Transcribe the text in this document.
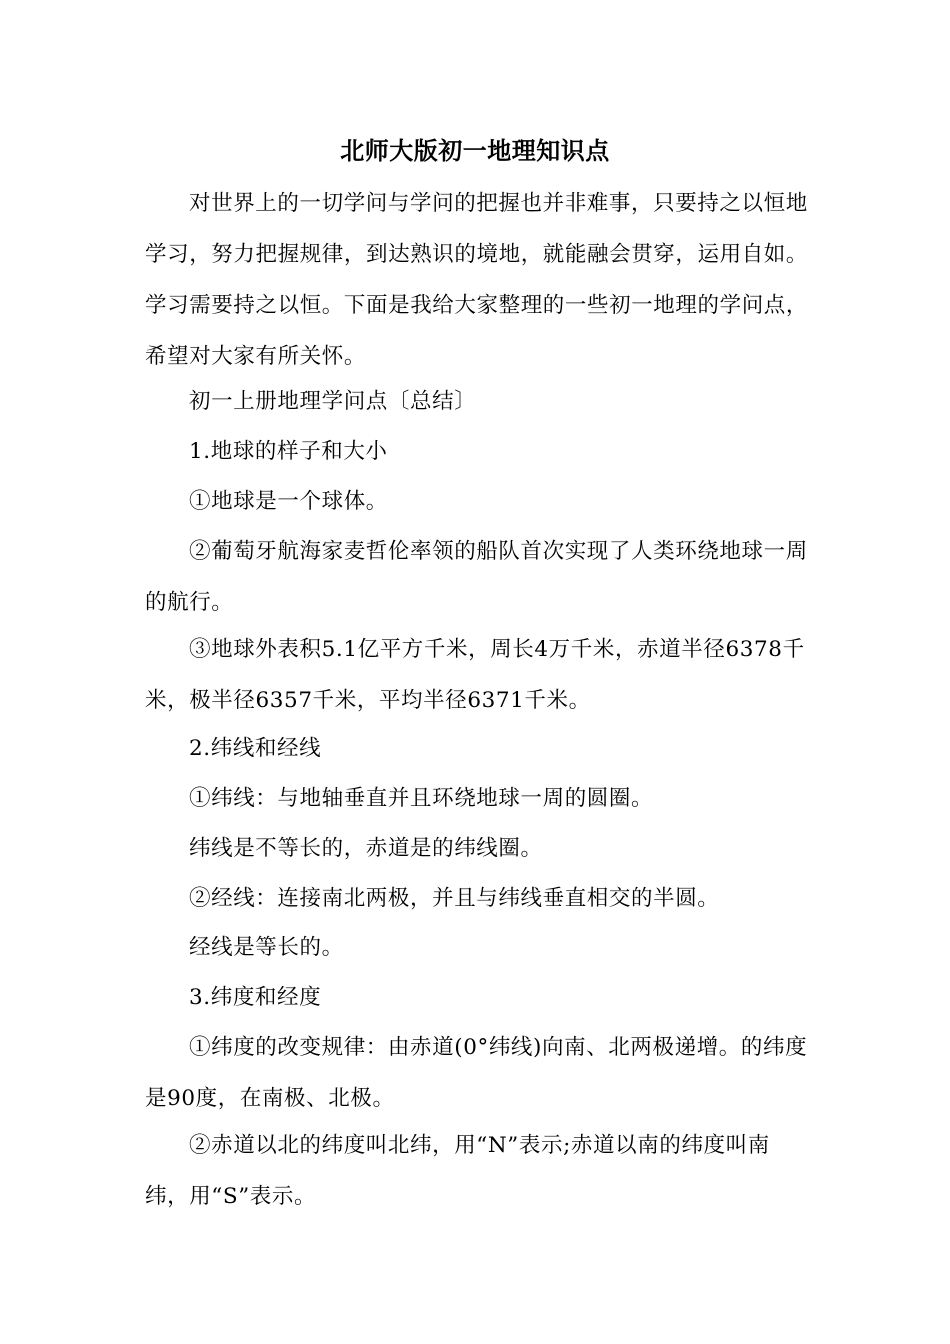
北师大版初一地理知识点

对世界上的一切学问与学问的把握也并非难事，只要持之以恒地学习，努力把握规律，到达熟识的境地，就能融会贯穿，运用自如。学习需要持之以恒。下面是我给大家整理的一些初一地理的学问点，希望对大家有所关怀。

初一上册地理学问点〔总结〕

1.地球的样子和大小

①地球是一个球体。

②葡萄牙航海家麦哲伦率领的船队首次实现了人类环绕地球一周的航行。

③地球外表积5.1亿平方千米，周长4万千米，赤道半径6378千米，极半径6357千米，平均半径6371千米。

2.纬线和经线

①纬线：与地轴垂直并且环绕地球一周的圆圈。

纬线是不等长的，赤道是的纬线圈。

②经线：连接南北两极，并且与纬线垂直相交的半圆。

经线是等长的。

3.纬度和经度

①纬度的改变规律：由赤道(0°纬线)向南、北两极递增。的纬度是90度，在南极、北极。

②赤道以北的纬度叫北纬，用“N”表示;赤道以南的纬度叫南纬，用“S”表示。
